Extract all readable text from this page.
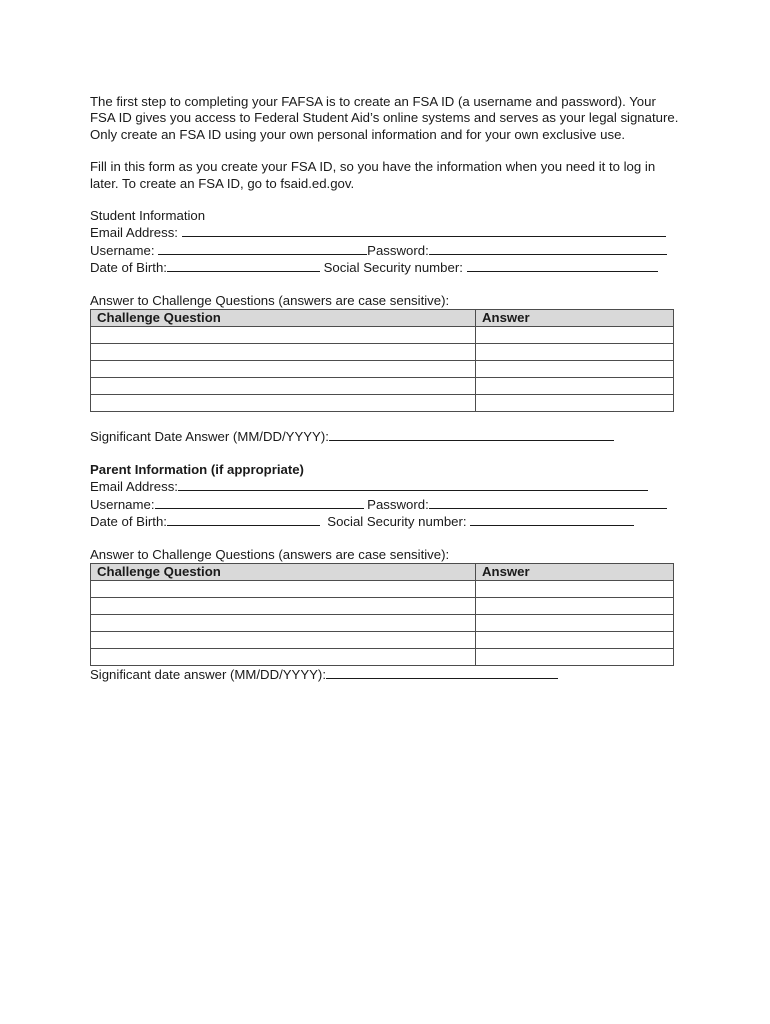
The first step to completing your FAFSA is to create an FSA ID (a username and password). Your FSA ID gives you access to Federal Student Aid’s online systems and serves as your legal signature. Only create an FSA ID using your own personal information and for your own exclusive use.

Fill in this form as you create your FSA ID, so you have the information when you need it to log in later. To create an FSA ID, go to fsaid.ed.gov.

Student Information
Email Address:
Username:	Password:
Date of Birth:	Social Security number:
Answer to Challenge Questions (answers are case sensitive):
Challenge Question	Answer

Significant Date Answer (MM/DD/YYYY):
Parent Information (if appropriate)
Email Address:
Username:	Password:
Date of Birth:	Social Security number:
Answer to Challenge Questions (answers are case sensitive):
Challenge Question	Answer

Significant date answer (MM/DD/YYYY):
